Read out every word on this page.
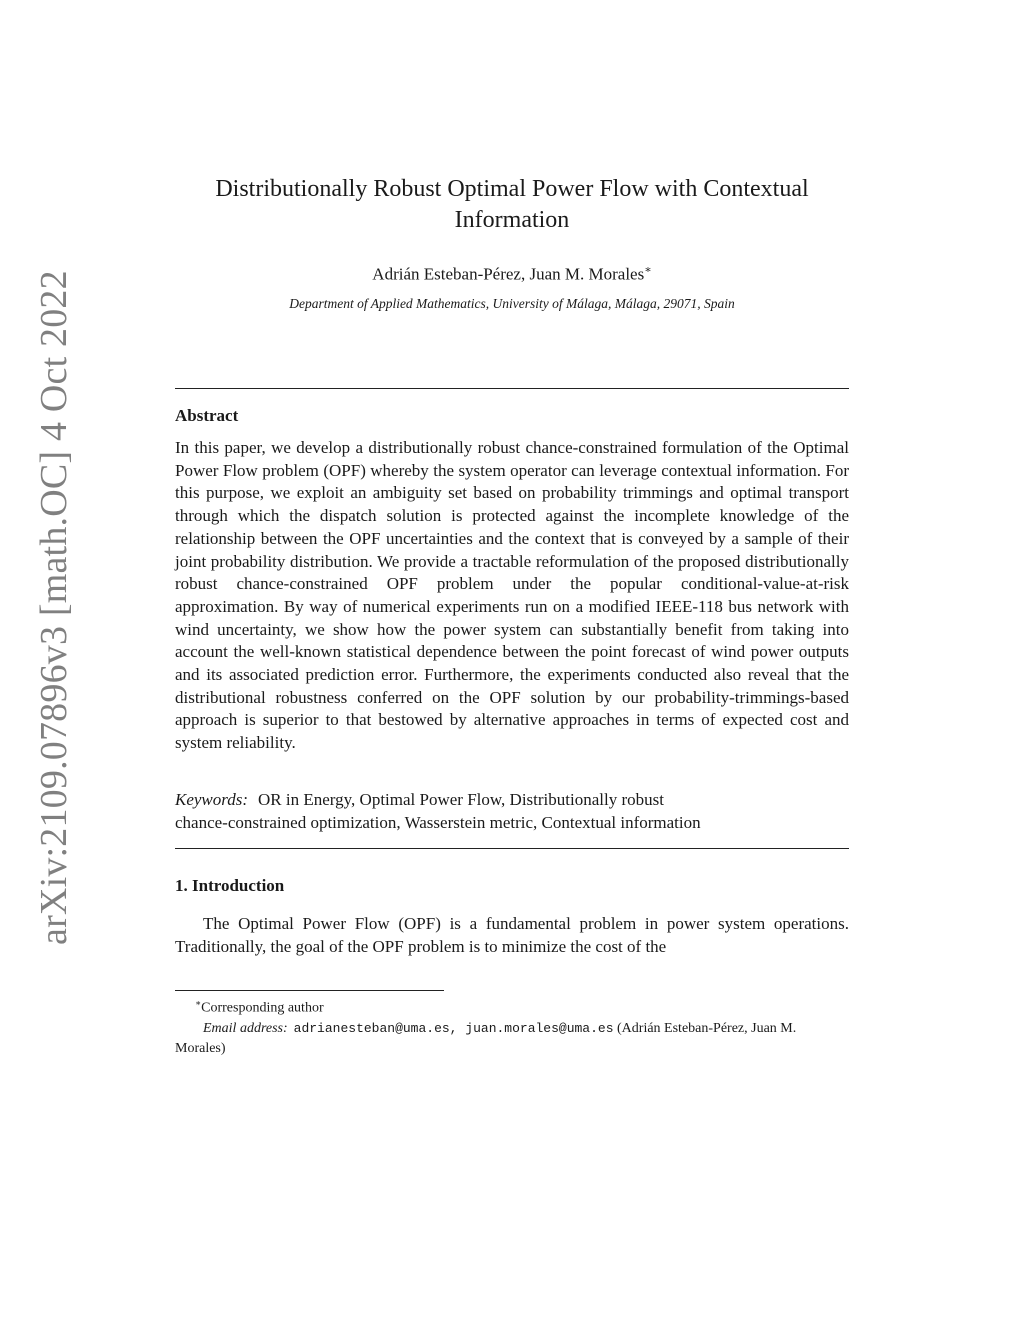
arXiv:2109.07896v3 [math.OC] 4 Oct 2022
Distributionally Robust Optimal Power Flow with Contextual
Information
Adrián Esteban-Pérez, Juan M. Morales∗
Department of Applied Mathematics, University of Málaga, Málaga, 29071, Spain
Abstract
In this paper, we develop a distributionally robust chance-constrained formulation of the Optimal Power Flow problem (OPF) whereby the system operator can leverage contextual information. For this purpose, we exploit an ambiguity set based on probability trimmings and optimal transport through which the dispatch solution is protected against the incomplete knowledge of the relationship between the OPF uncertainties and the context that is conveyed by a sample of their joint probability distribution. We provide a tractable reformulation of the proposed distributionally robust chance-constrained OPF problem under the popular conditional-value-at-risk approximation. By way of numerical experiments run on a modified IEEE-118 bus network with wind uncertainty, we show how the power system can substantially benefit from taking into account the well-known statistical dependence between the point forecast of wind power outputs and its associated prediction error. Furthermore, the experiments conducted also reveal that the distributional robustness conferred on the OPF solution by our probability-trimmings-based approach is superior to that bestowed by alternative approaches in terms of expected cost and system reliability.
Keywords: OR in Energy, Optimal Power Flow, Distributionally robust
chance-constrained optimization, Wasserstein metric, Contextual information
1. Introduction
The Optimal Power Flow (OPF) is a fundamental problem in power system operations. Traditionally, the goal of the OPF problem is to minimize the cost of the
∗Corresponding author
Email address: adrianesteban@uma.es, juan.morales@uma.es (Adrián Esteban-Pérez, Juan M. Morales)
